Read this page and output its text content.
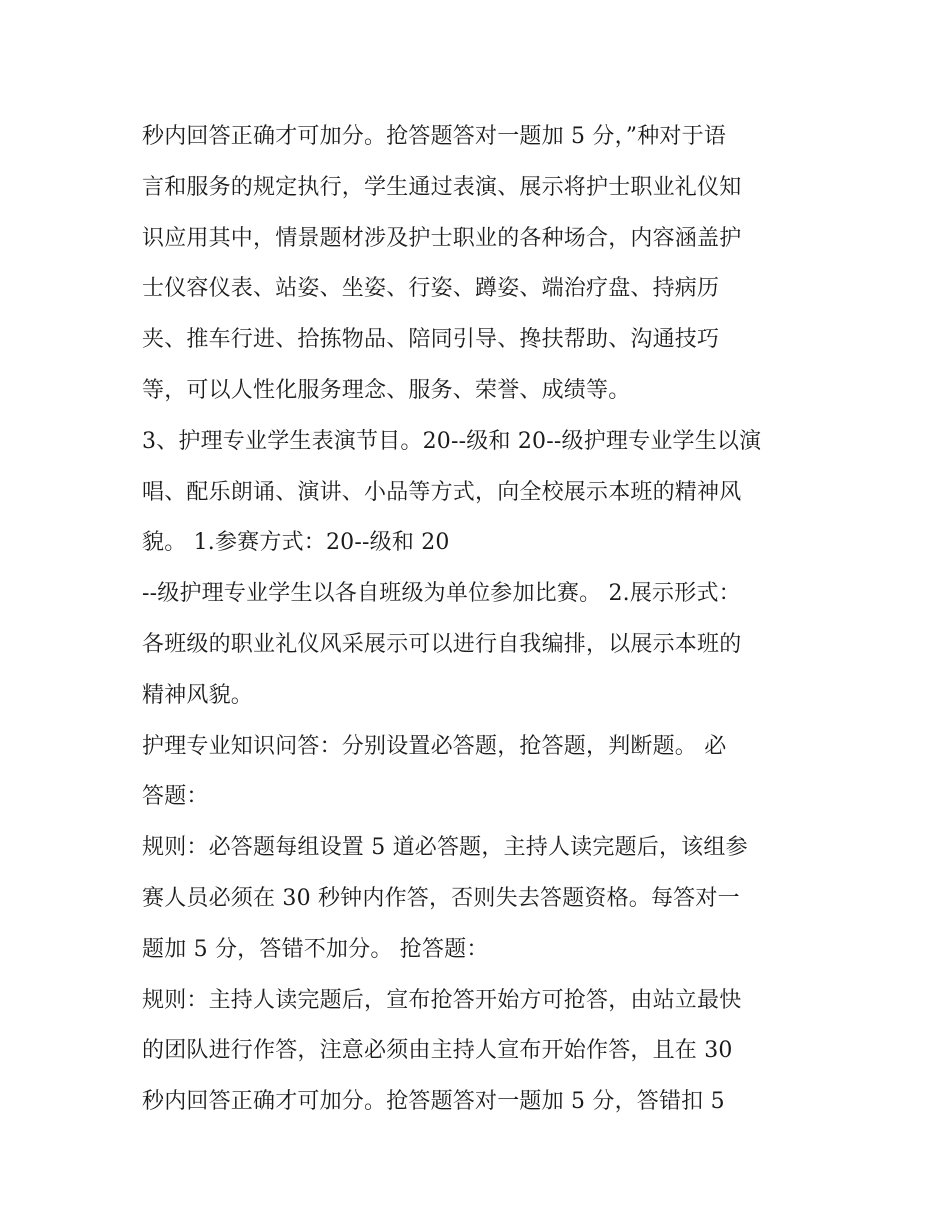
秒内回答正确才可加分。抢答题答对一题加 5 分，”种对于语
言和服务的规定执行，学生通过表演、展示将护士职业礼仪知
识应用其中，情景题材涉及护士职业的各种场合，内容涵盖护
士仪容仪表、站姿、坐姿、行姿、蹲姿、端治疗盘、持病历
夹、推车行进、拾拣物品、陪同引导、搀扶帮助、沟通技巧
等，可以人性化服务理念、服务、荣誉、成绩等。
3、护理专业学生表演节目。20--级和 20--级护理专业学生以演
唱、配乐朗诵、演讲、小品等方式，向全校展示本班的精神风
貌。 1.参赛方式：20--级和 20
--级护理专业学生以各自班级为单位参加比赛。 2.展示形式：
各班级的职业礼仪风采展示可以进行自我编排，以展示本班的
精神风貌。
护理专业知识问答：分别设置必答题，抢答题，判断题。 必
答题：
规则：必答题每组设置 5 道必答题，主持人读完题后，该组参
赛人员必须在 30 秒钟内作答，否则失去答题资格。每答对一
题加 5 分，答错不加分。 抢答题：
规则：主持人读完题后，宣布抢答开始方可抢答，由站立最快
的团队进行作答，注意必须由主持人宣布开始作答，且在 30
秒内回答正确才可加分。抢答题答对一题加 5 分，答错扣 5
